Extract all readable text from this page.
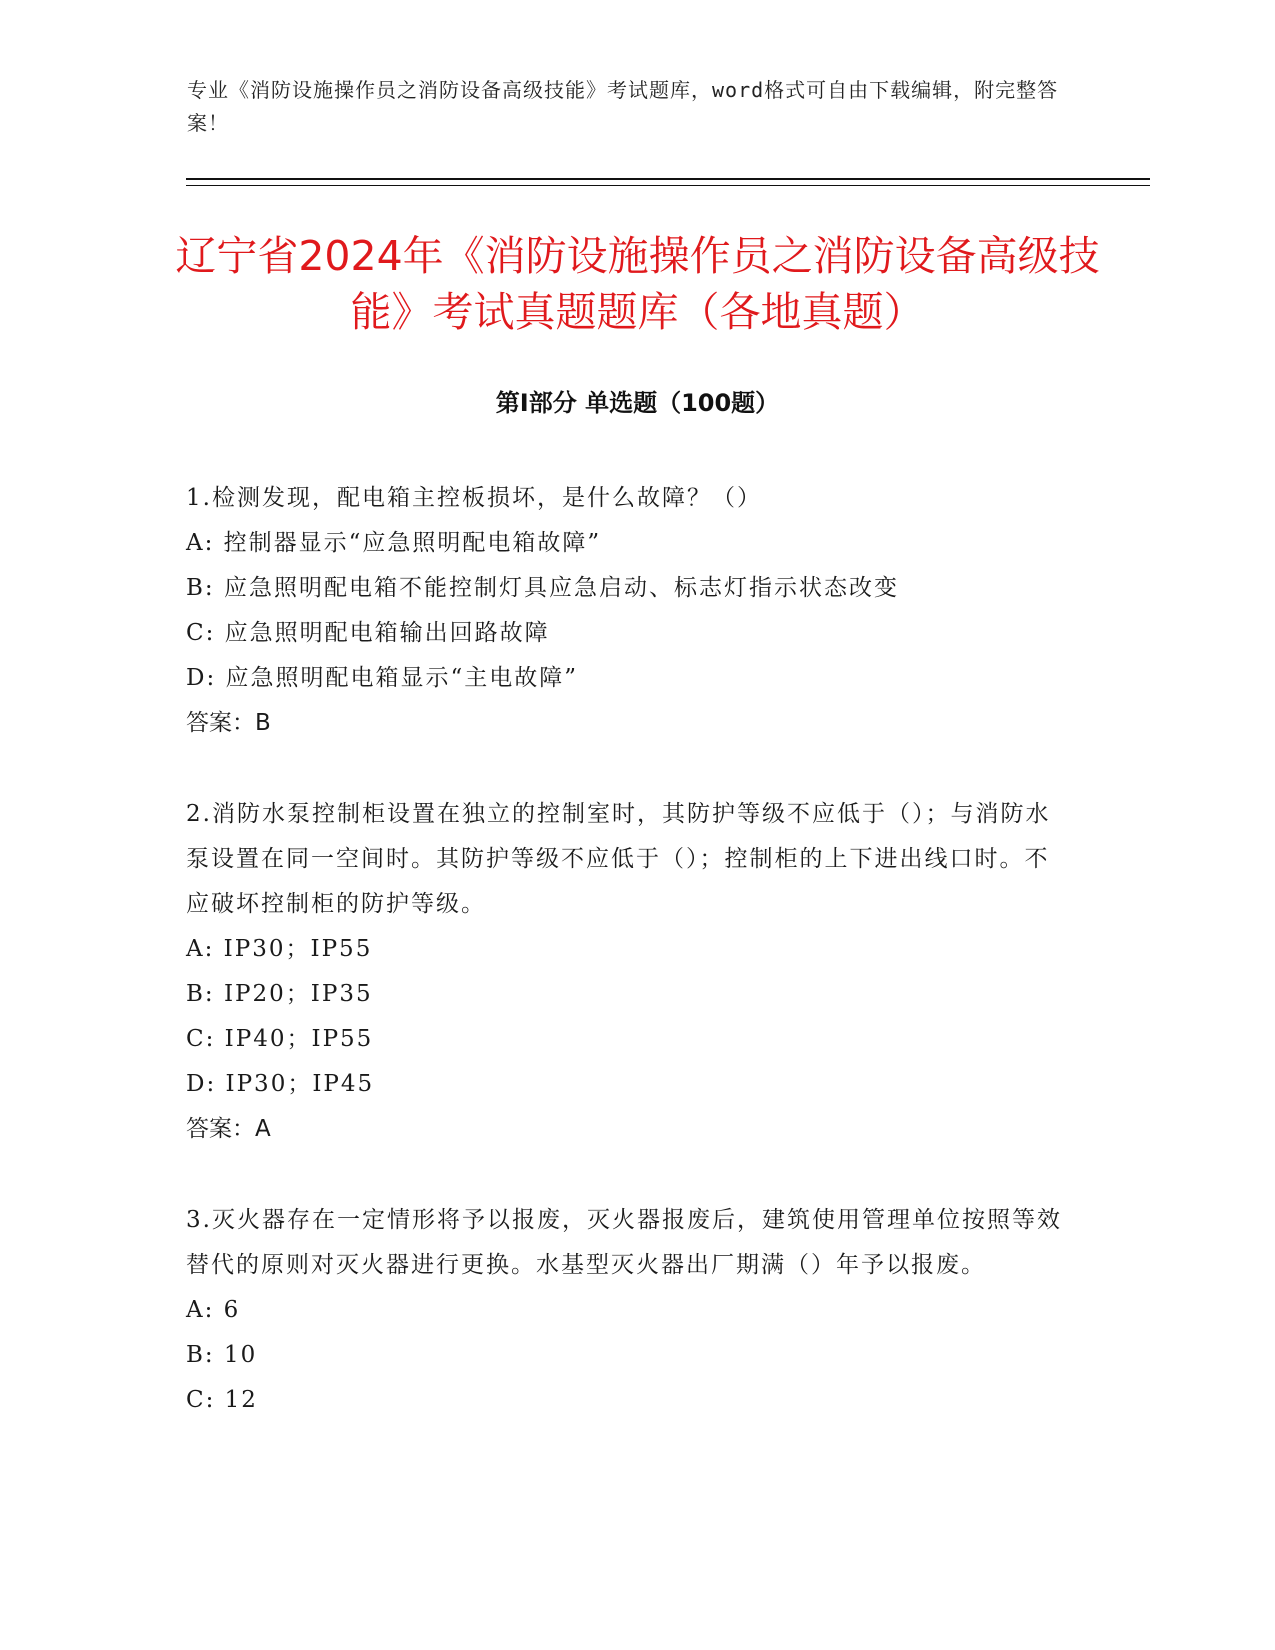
专业《消防设施操作员之消防设备高级技能》考试题库，word格式可自由下载编辑，附完整答案！
辽宁省2024年《消防设施操作员之消防设备高级技能》考试真题题库（各地真题）
第Ⅰ部分 单选题（100题）

1.检测发现，配电箱主控板损坏，是什么故障？（）

A: 控制器显示“应急照明配电箱故障”

B: 应急照明配电箱不能控制灯具应急启动、标志灯指示状态改变

C: 应急照明配电箱输出回路故障

D: 应急照明配电箱显示“主电故障”

答案：B

2.消防水泵控制柜设置在独立的控制室时，其防护等级不应低于（）；与消防水泵设置在同一空间时。其防护等级不应低于（）；控制柜的上下进出线口时。不应破坏控制柜的防护等级。

A: IP30；IP55

B: IP20；IP35

C: IP40；IP55

D: IP30；IP45

答案：A

3.灭火器存在一定情形将予以报废，灭火器报废后，建筑使用管理单位按照等效替代的原则对灭火器进行更换。水基型灭火器出厂期满（）年予以报废。

A: 6

B: 10

C: 12
